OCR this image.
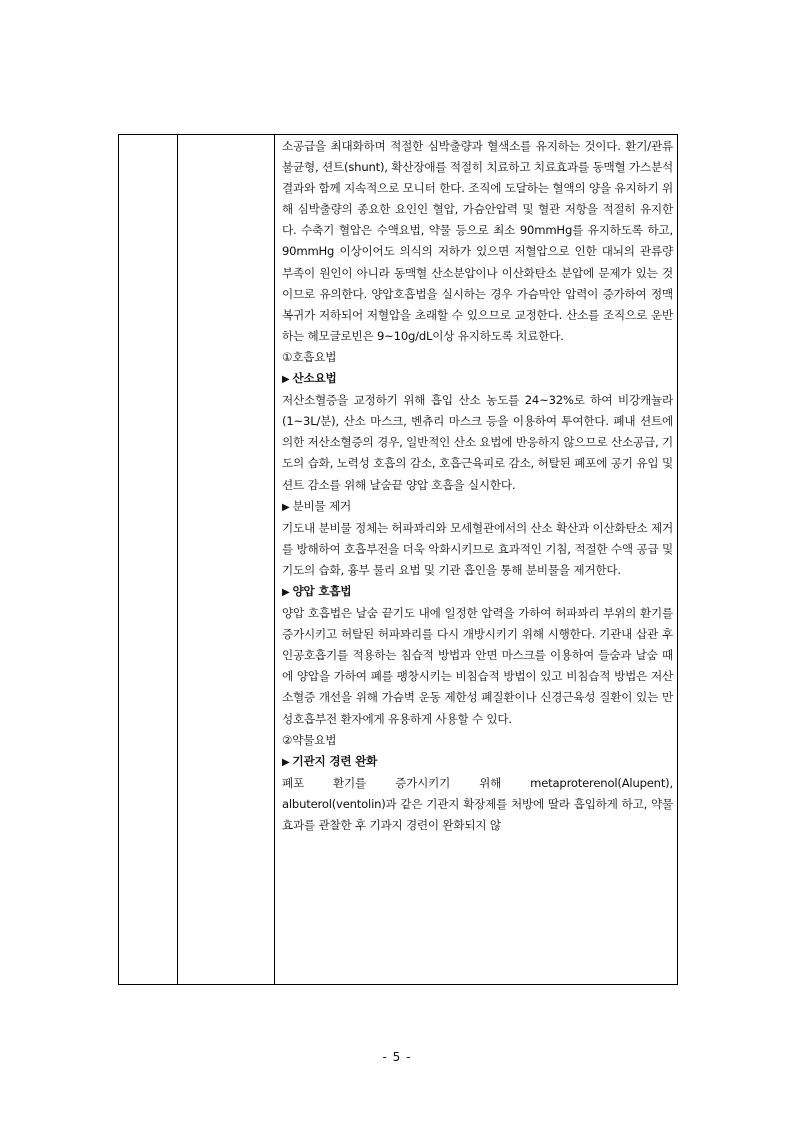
소공급을 최대화하며 적절한 심박출량과 혈색소를 유지하는 것이다. 환기/관류 불균형, 션트(shunt), 확산장애를 적절히 치료하고 치료효과를 동맥혈 가스분석 결과와 함께 지속적으로 모니터 한다. 조직에 도달하는 혈액의 양을 유지하기 위해 심박출량의 종요한 요인인 혈압, 가슴안압력 및 혈관 저항을 적절히 유지한다. 수축기 혈압은 수액요법, 약물 등으로 최소 90mmHg를 유지하도록 하고, 90mmHg 이상이어도 의식의 저하가 있으면 저혈압으로 인한 대뇌의 관류량 부족이 원인이 아니라 동맥혈 산소분압이나 이산화탄소 분압에 문제가 있는 것이므로 유의한다. 양압호흡법을 실시하는 경우 가슴막안 압력이 증가하여 정맥 복귀가 저하되어 저혈압을 초래할 수 있으므로 교정한다. 산소를 조직으로 운반하는 헤모글로빈은 9~10g/dL이상 유지하도록 치료한다.

①호흡요법

▶ 산소요법

저산소혈증을 교정하기 위해 흡입 산소 농도를 24~32%로 하여 비강캐뉼라(1~3L/분), 산소 마스크, 벤츄리 마스크 등을 이용하여 투여한다. 폐내 션트에 의한 저산소혈증의 경우, 일반적인 산소 요법에 반응하지 않으므로 산소공급, 기도의 습화, 노력성 호흡의 감소, 호흡근육피로 감소, 허탈된 폐포에 공기 유입 및 션트 감소를 위해 날숨끝 양압 호흡을 실시한다.

▶ 분비물 제거

기도내 분비물 정체는 허파꽈리와 모세혈관에서의 산소 확산과 이산화탄소 제거를 방해하여 호흡부전을 더욱 악화시키므로 효과적인 기침, 적절한 수액 공급 및 기도의 습화, 흉부 물리 요법 및 기관 흡인을 통해 분비물을 제거한다.

▶ 양압 호흡법

양압 호흡법은 날숨 끝기도 내에 일정한 압력을 가하여 허파꽈리 부위의 환기를 증가시키고 허탈된 허파꽈리를 다시 개방시키기 위해 시행한다. 기관내 삽관 후 인공호흡기를 적용하는 침습적 방법과 안면 마스크를 이용하여 들숨과 날숨 때에 양압을 가하여 폐를 팽창시키는 비침습적 방법이 있고 비침습적 방법은 저산소혈증 개선을 위해 가슴벽 운동 제한성 폐질환이나 신경근육성 질환이 있는 만성호흡부전 환자에게 유용하게 사용할 수 있다.

②약물요법

▶ 기관지 경련 완화

폐포 환기를 증가시키기 위해 metaproterenol(Alupent), albuterol(ventolin)과 같은 기관지 확장제를 처방에 딸라 흡입하게 하고, 약물 효과를 관찰한 후 기과지 경련이 완화되지 않

- 5 -
